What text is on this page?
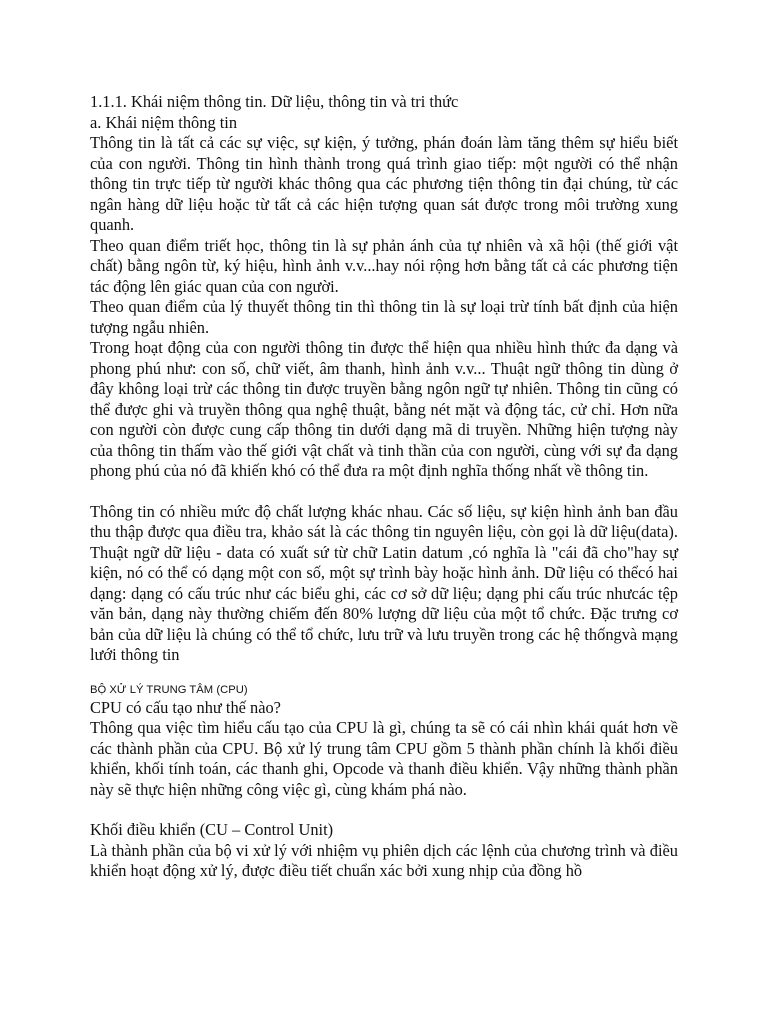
1.1.1. Khái niệm thông tin. Dữ liệu, thông tin và tri thức

a. Khái niệm thông tin

Thông tin là tất cả các sự việc, sự kiện, ý tưởng, phán đoán làm tăng thêm sự hiểu biết của con người. Thông tin hình thành trong quá trình giao tiếp: một người có thể nhận thông tin trực tiếp từ người khác thông qua các phương tiện thông tin đại chúng, từ các ngân hàng dữ liệu hoặc từ tất cả các hiện tượng quan sát được trong môi trường xung quanh.

Theo quan điểm triết học, thông tin là sự phản ánh của tự nhiên và xã hội (thế giới vật chất) bằng ngôn từ, ký hiệu, hình ảnh v.v...hay nói rộng hơn bằng tất cả các phương tiện tác động lên giác quan của con người.

Theo quan điểm của lý thuyết thông tin thì thông tin là sự loại trừ tính bất định của hiện tượng ngẫu nhiên.

Trong hoạt động của con người thông tin được thể hiện qua nhiều hình thức đa dạng và phong phú như: con số, chữ viết, âm thanh, hình ảnh v.v... Thuật ngữ thông tin dùng ở đây không loại trừ các thông tin được truyền bằng ngôn ngữ tự nhiên. Thông tin cũng có thể được ghi và truyền thông qua nghệ thuật, bằng nét mặt và động tác, cử chỉ. Hơn nữa con người còn được cung cấp thông tin dưới dạng mã di truyền. Những hiện tượng này của thông tin thấm vào thế giới vật chất và tinh thần của con người, cùng với sự đa dạng phong phú của nó đã khiến khó có thể đưa ra một định nghĩa thống nhất về thông tin.

Thông tin có nhiều mức độ chất lượng khác nhau. Các số liệu, sự kiện hình ảnh ban đầu thu thập được qua điều tra, khảo sát là các thông tin nguyên liệu, còn gọi là dữ liệu(data). Thuật ngữ dữ liệu - data có xuất sứ từ chữ Latin datum ,có nghĩa là "cái đã cho"hay sự kiện, nó có thể có dạng một con số, một sự trình bày hoặc hình ảnh. Dữ liệu có thểcó hai dạng: dạng có cấu trúc như các biểu ghi, các cơ sở dữ liệu; dạng phi cấu trúc nhưcác tệp văn bản, dạng này thường chiếm đến 80% lượng dữ liệu của một tổ chức. Đặc trưng cơ bản của dữ liệu là chúng có thể tổ chức, lưu trữ và lưu truyền trong các hệ thốngvà mạng lưới thông tin

BỘ XỬ LÝ TRUNG TÂM (CPU)

CPU có cấu tạo như thế nào?

Thông qua việc tìm hiểu cấu tạo của CPU là gì, chúng ta sẽ có cái nhìn khái quát hơn về các thành phần của CPU. Bộ xử lý trung tâm CPU gồm 5 thành phần chính là khối điều khiển, khối tính toán, các thanh ghi, Opcode và thanh điều khiển. Vậy những thành phần này sẽ thực hiện những công việc gì, cùng khám phá nào.

Khối điều khiển (CU – Control Unit)

Là thành phần của bộ vi xử lý với nhiệm vụ phiên dịch các lệnh của chương trình và điều khiển hoạt động xử lý, được điều tiết chuẩn xác bởi xung nhịp của đồng hồ
